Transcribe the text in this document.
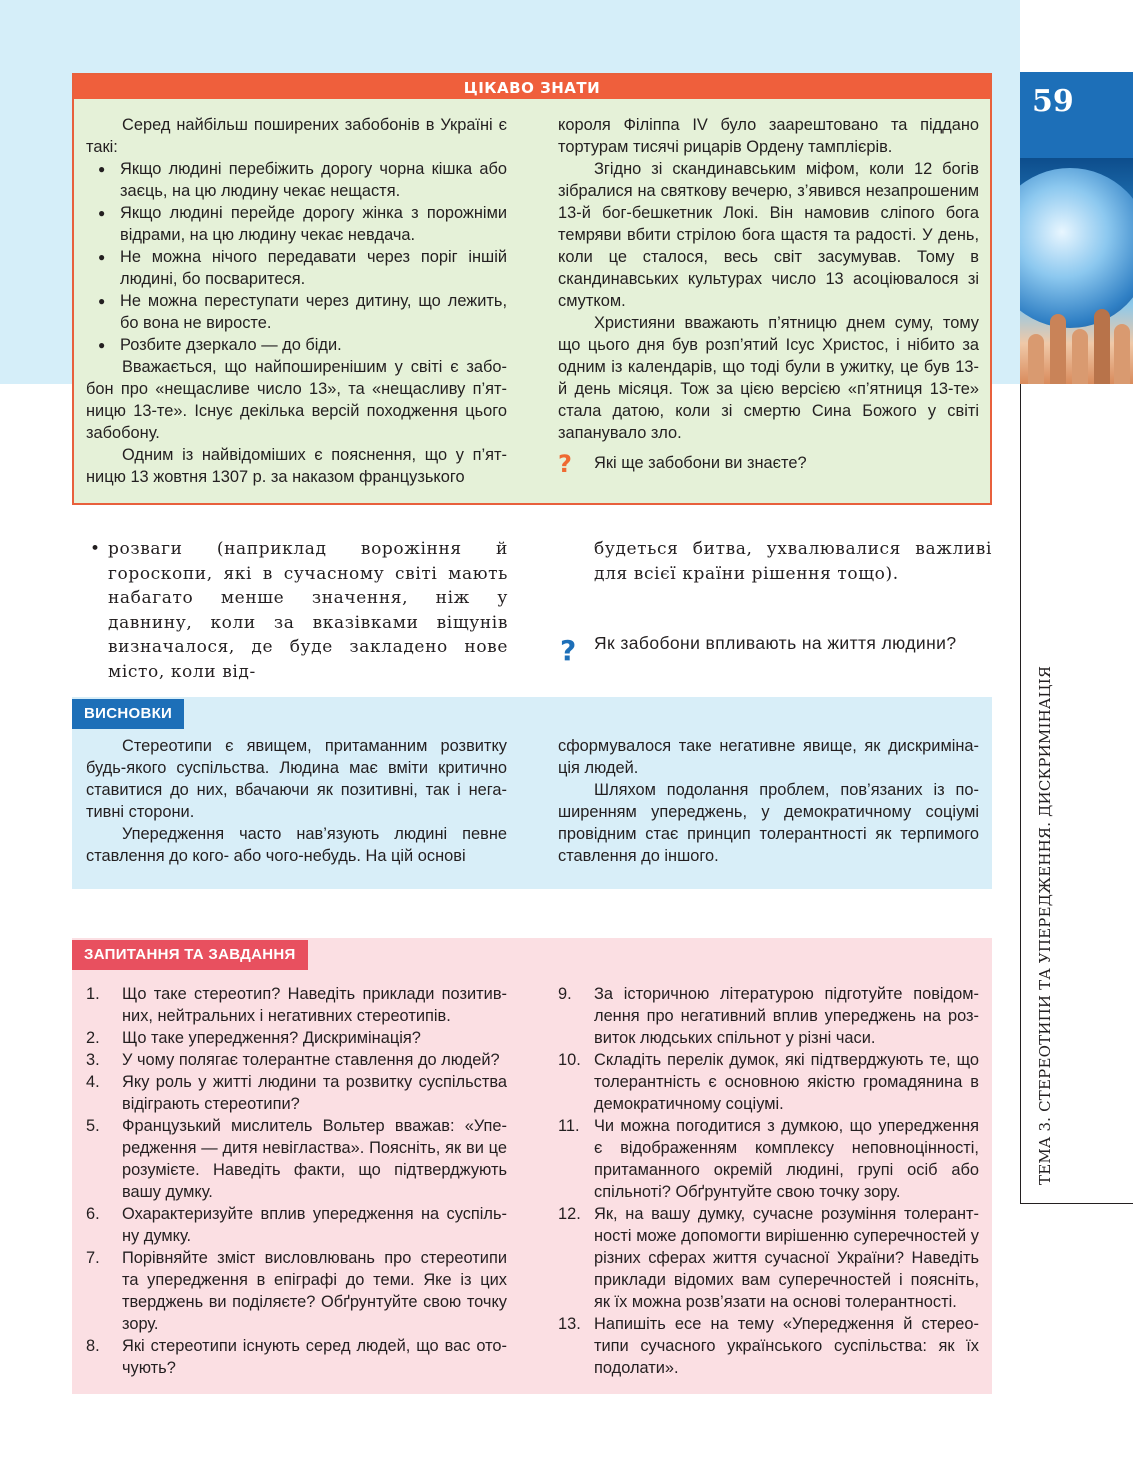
59
ТЕМА 3. СТЕРЕОТИПИ ТА УПЕРЕДЖЕННЯ. ДИСКРИМІНАЦІЯ
ЦІКАВО ЗНАТИ

Серед найбільш поширених забобонів в Україні є такі:

● Якщо людині перебіжить дорогу чорна кішка або заєць, на цю людину чекає нещастя.

● Якщо людині перейде дорогу жінка з порожніми відрами, на цю людину чекає невдача.

● Не можна нічого передавати через поріг іншій людині, бо посваритеся.

● Не можна переступати через дитину, що лежить, бо вона не виросте.

● Розбите дзеркало — до біди.

Вважається, що найпоширенішим у світі є забобон про «нещасливе число 13», та «нещасливу п’ятницю 13-те». Існує декілька версій походження цього забобону.

Одним із найвідоміших є пояснення, що у п’ятницю 13 жовтня 1307 р. за наказом французького

короля Філіппа IV було заарештовано та піддано тортурам тисячі рицарів Ордену тамплієрів.

Згідно зі скандинавським міфом, коли 12 богів зібралися на святкову вечерю, з’явився незапрошеним 13-й бог-бешкетник Локі. Він намовив сліпого бога темряви вбити стрілою бога щастя та радості. У день, коли це сталося, весь світ засумував. Тому в скандинавських культурах число 13 асоціювалося зі смутком.

Християни вважають п’ятницю днем суму, тому що цього дня був розп’ятий Ісус Христос, і нібито за одним із календарів, що тоді були в ужитку, це був 13-й день місяця. Тож за цією версією «п’ятниця 13-те» стала датою, коли зі смертю Сина Божого у світі запанувало зло.

? Які ще забобони ви знаєте?

• розваги (наприклад ворожіння й гороскопи, які в сучасному світі мають набагато менше значення, ніж у давнину, коли за вказівками віщунів визначалося, де буде закладено нове місто, коли від-

будеться битва, ухвалювалися важливі для всієї країни рішення тощо).
? Як забобони впливають на життя людини?
ВИСНОВКИ

Стереотипи є явищем, притаманним розвитку будь-якого суспільства. Людина має вміти критично ставитися до них, вбачаючи як позитивні, так і негативні сторони.

Упередження часто нав’язують людині певне ставлення до кого- або чого-небудь. На цій основі

сформувалося таке негативне явище, як дискримінація людей.

Шляхом подолання проблем, пов’язаних із поширенням упереджень, у демократичному соціумі провідним стає принцип толерантності як терпимого ставлення до іншого.

ЗАПИТАННЯ ТА ЗАВДАННЯ

1. Що таке стереотип? Наведіть приклади позитивних, нейтральних і негативних стереотипів.

2. Що таке упередження? Дискримінація?

3. У чому полягає толерантне ставлення до людей?

4. Яку роль у житті людини та розвитку суспільства відіграють стереотипи?

5. Французький мислитель Вольтер вважав: «Упередження — дитя невігластва». Поясніть, як ви це розумієте. Наведіть факти, що підтверджують вашу думку.

6. Охарактеризуйте вплив упередження на суспільну думку.

7. Порівняйте зміст висловлювань про стереотипи та упередження в епіграфі до теми. Яке із цих тверджень ви поділяєте? Обґрунтуйте свою точку зору.

8. Які стереотипи існують серед людей, що вас оточують?

9. За історичною літературою підготуйте повідомлення про негативний вплив упереджень на розвиток людських спільнот у різні часи.

10. Складіть перелік думок, які підтверджують те, що толерантність є основною якістю громадянина в демократичному соціумі.

11. Чи можна погодитися з думкою, що упередження є відображенням комплексу неповноцінності, притаманного окремій людині, групі осіб або спільноті? Обґрунтуйте свою точку зору.

12. Як, на вашу думку, сучасне розуміння толерантності може допомогти вирішенню суперечностей у різних сферах життя сучасної України? Наведіть приклади відомих вам суперечностей і поясніть, як їх можна розв’язати на основі толерантності.

13. Напишіть есе на тему «Упередження й стереотипи сучасного українського суспільства: як їх подолати».
